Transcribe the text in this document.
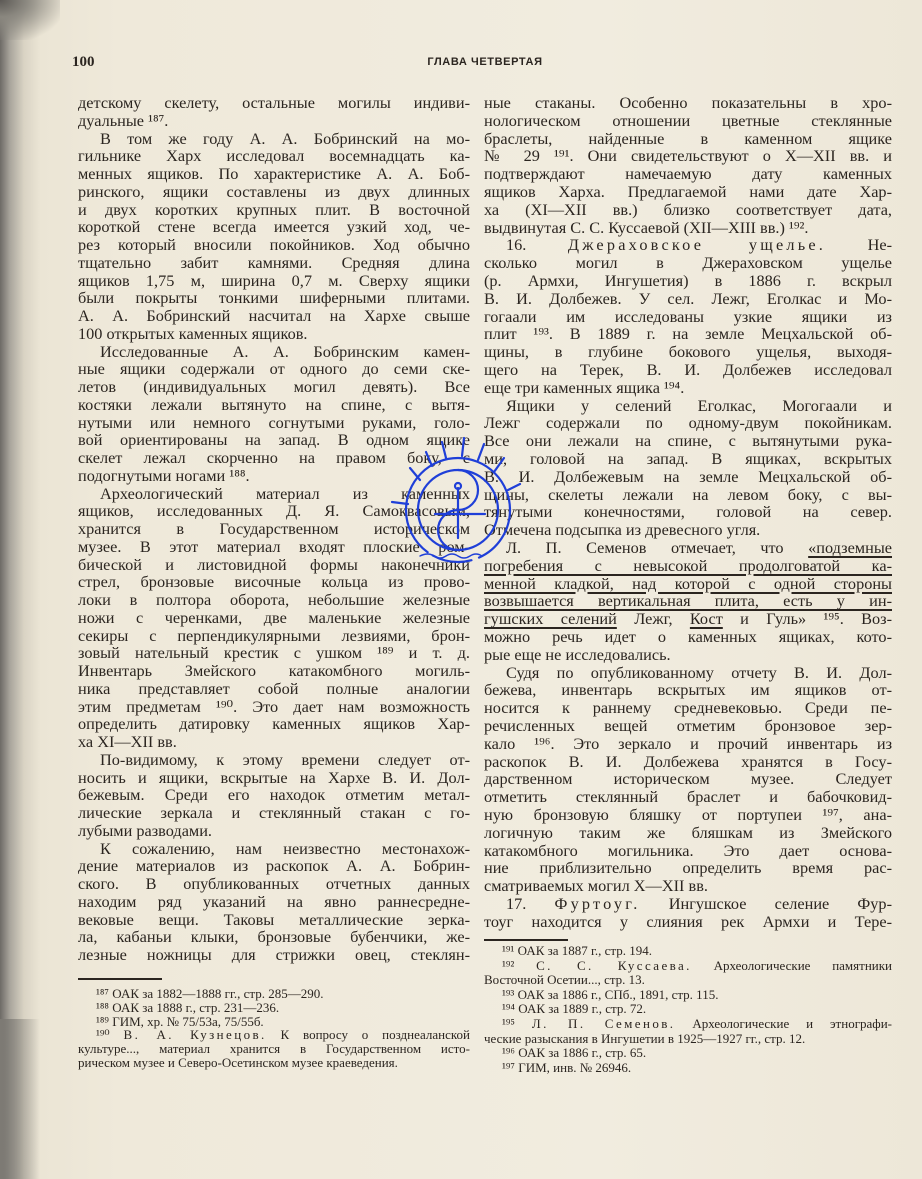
100	ГЛАВА ЧЕТВЕРТАЯ
детскому скелету, остальные могилы индиви-
дуальные ¹⁸⁷.
В том же году А. А. Бобринский на мо-
гильнике Харх исследовал восемнадцать ка-
менных ящиков. По характеристике А. А. Боб-
ринского, ящики составлены из двух длинных
и двух коротких крупных плит. В восточной
короткой стене всегда имеется узкий ход, че-
рез который вносили покойников. Ход обычно
тщательно забит камнями. Средняя длина
ящиков 1,75 м, ширина 0,7 м. Сверху ящики
были покрыты тонкими шиферными плитами.
А. А. Бобринский насчитал на Хархе свыше
100 открытых каменных ящиков.
Исследованные А. А. Бобринским камен-
ные ящики содержали от одного до семи ске-
летов (индивидуальных могил девять). Все
костяки лежали вытянуто на спине, с вытя-
нутыми или немного согнутыми руками, голо-
вой ориентированы на запад. В одном ящике
скелет лежал скорченно на правом боку, с
подогнутыми ногами ¹⁸⁸.
Археологический материал из каменных
ящиков, исследованных Д. Я. Самоквасовым,
хранится в Государственном историческом
музее. В этот материал входят плоские ром-
бической и листовидной формы наконечники
стрел, бронзовые височные кольца из прово-
локи в полтора оборота, небольшие железные
ножи с черенками, две маленькие железные
секиры с перпендикулярными лезвиями, брон-
зовый нательный крестик с ушком ¹⁸⁹ и т. д.
Инвентарь Змейского катакомбного могиль-
ника представляет собой полные аналогии
этим предметам ¹⁹⁰. Это дает нам возможность
определить датировку каменных ящиков Хар-
ха XI—XII вв.
По-видимому, к этому времени следует от-
носить и ящики, вскрытые на Хархе В. И. Дол-
бежевым. Среди его находок отметим метал-
лические зеркала и стеклянный стакан с го-
лубыми разводами.
К сожалению, нам неизвестно местонахож-
дение материалов из раскопок А. А. Бобрин-
ского. В опубликованных отчетных данных
находим ряд указаний на явно раннесредне-
вековые вещи. Таковы металлические зерка-
ла, кабаньи клыки, бронзовые бубенчики, же-
лезные ножницы для стрижки овец, стеклян-
ные стаканы. Особенно показательны в хро-
нологическом отношении цветные стеклянные
браслеты, найденные в каменном ящике
№ 29 ¹⁹¹. Они свидетельствуют о X—XII вв. и
подтверждают намечаемую дату каменных
ящиков Харха. Предлагаемой нами дате Хар-
ха (XI—XII вв.) близко соответствует дата,
выдвинутая С. С. Куссаевой (XII—XIII вв.) ¹⁹².
16. Джераховское ущелье. Не-
сколько могил в Джераховском ущелье
(р. Армхи, Ингушетия) в 1886 г. вскрыл
В. И. Долбежев. У сел. Лежг, Еголкас и Мо-
гогаали им исследованы узкие ящики из
плит ¹⁹³. В 1889 г. на земле Мецхальской об-
щины, в глубине бокового ущелья, выходя-
щего на Терек, В. И. Долбежев исследовал
еще три каменных ящика ¹⁹⁴.
Ящики у селений Еголкас, Могогаали и
Лежг содержали по одному-двум покойникам.
Все они лежали на спине, с вытянутыми рука-
ми, головой на запад. В ящиках, вскрытых
В. И. Долбежевым на земле Мецхальской об-
щины, скелеты лежали на левом боку, с вы-
тянутыми конечностями, головой на север.
Отмечена подсыпка из древесного угля.
Л. П. Семенов отмечает, что «подземные
погребения с невысокой продолговатой ка-
менной кладкой, над которой с одной стороны
возвышается вертикальная плита, есть у ин-
гушских селений Лежг, Кост и Гуль» ¹⁹⁵. Воз-
можно речь идет о каменных ящиках, кото-
рые еще не исследовались.
Судя по опубликованному отчету В. И. Дол-
бежева, инвентарь вскрытых им ящиков от-
носится к раннему средневековью. Среди пе-
речисленных вещей отметим бронзовое зер-
кало ¹⁹⁶. Это зеркало и прочий инвентарь из
раскопок В. И. Долбежева хранятся в Госу-
дарственном историческом музее. Следует
отметить стеклянный браслет и бабочковид-
ную бронзовую бляшку от портупеи ¹⁹⁷, ана-
логичную таким же бляшкам из Змейского
катакомбного могильника. Это дает основа-
ние приблизительно определить время рас-
сматриваемых могил X—XII вв.
17. Фуртоуг. Ингушское селение Фур-
тоуг находится у слияния рек Армхи и Тере-
¹⁸⁷ ОАК за 1882—1888 гг., стр. 285—290.
¹⁸⁸ ОАК за 1888 г., стр. 231—236.
¹⁸⁹ ГИМ, хр. № 75/53а, 75/55б.
¹⁹⁰ В. А. Кузнецов. К вопросу о позднеаланской
культуре..., материал хранится в Государственном исто-
рическом музее и Северо-Осетинском музее краеведения.
¹⁹¹ ОАК за 1887 г., стр. 194.
¹⁹² С. С. Куссаева. Археологические памятники
Восточной Осетии..., стр. 13.
¹⁹³ ОАК за 1886 г., СПб., 1891, стр. 115.
¹⁹⁴ ОАК за 1889 г., стр. 72.
¹⁹⁵ Л. П. Семенов. Археологические и этнографи-
ческие разыскания в Ингушетии в 1925—1927 гг., стр. 12.
¹⁹⁶ ОАК за 1886 г., стр. 65.
¹⁹⁷ ГИМ, инв. № 26946.
